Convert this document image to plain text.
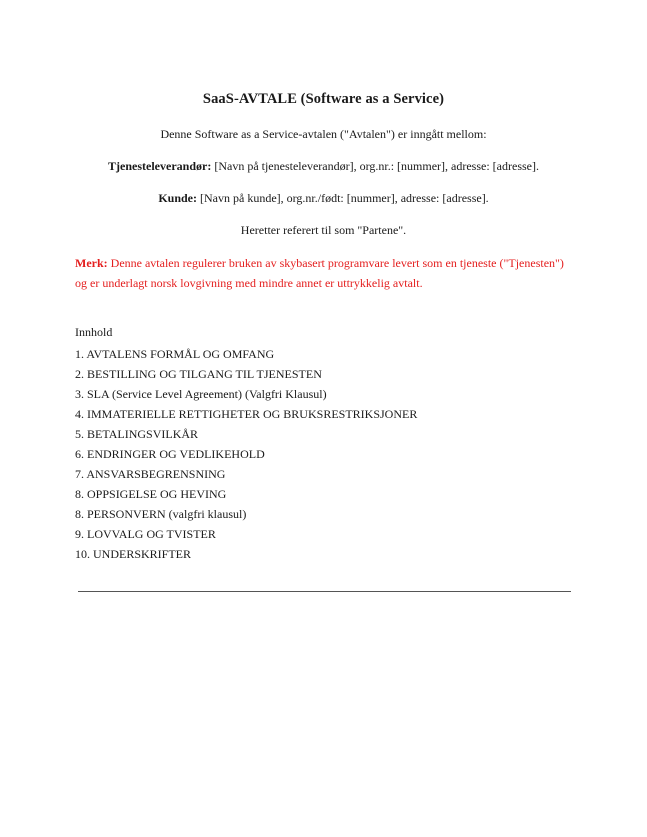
SaaS-AVTALE (Software as a Service)
Denne Software as a Service-avtalen ("Avtalen") er inngått mellom:
Tjenesteleverandør: [Navn på tjenesteleverandør], org.nr.: [nummer], adresse: [adresse].
Kunde: [Navn på kunde], org.nr./født: [nummer], adresse: [adresse].
Heretter referert til som "Partene".
Merk: Denne avtalen regulerer bruken av skybasert programvare levert som en tjeneste ("Tjenesten") og er underlagt norsk lovgivning med mindre annet er uttrykkelig avtalt.
Innhold
1. AVTALENS FORMÅL OG OMFANG
2. BESTILLING OG TILGANG TIL TJENESTEN
3. SLA (Service Level Agreement) (Valgfri Klausul)
4. IMMATERIELLE RETTIGHETER OG BRUKSRESTRIKSJONER
5. BETALINGSVILKÅR
6. ENDRINGER OG VEDLIKEHOLD
7. ANSVARSBEGRENSNING
8. OPPSIGELSE OG HEVING
8. PERSONVERN (valgfri klausul)
9. LOVVALG OG TVISTER
10. UNDERSKRIFTER
